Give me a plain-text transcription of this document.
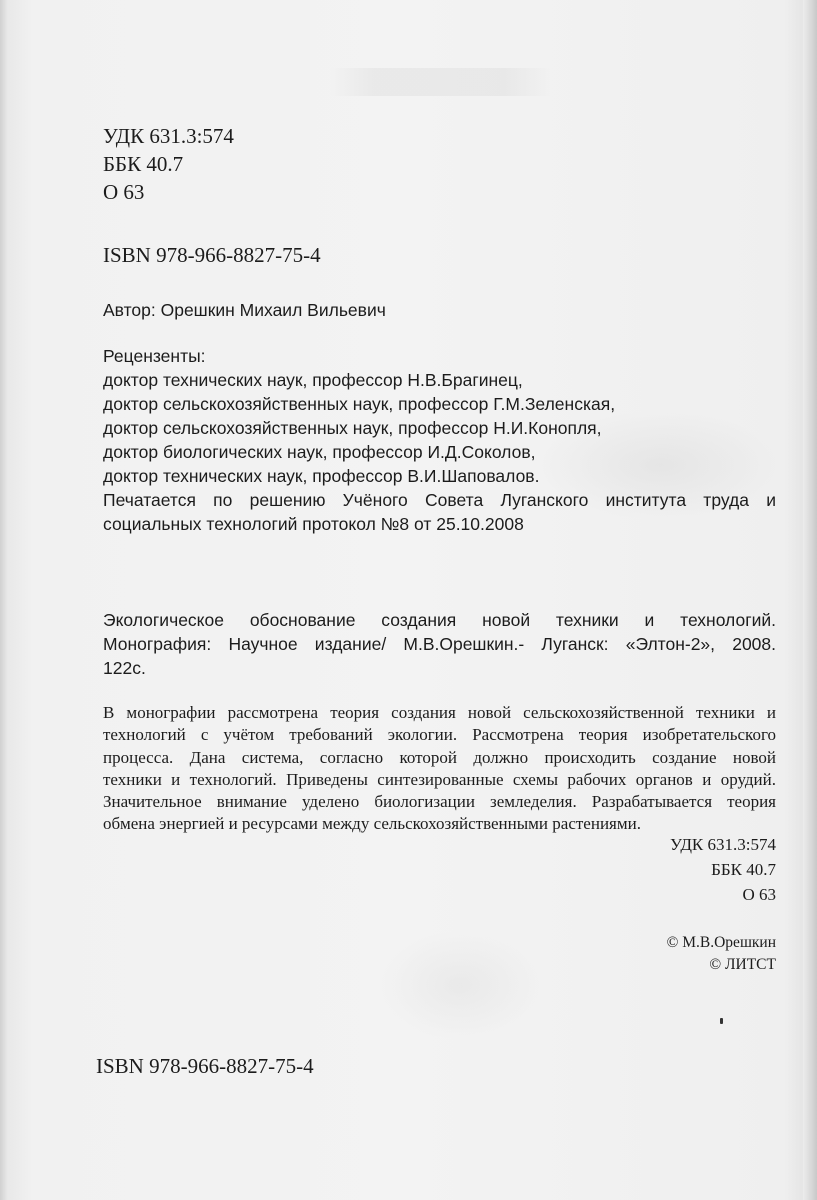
УДК 631.3:574
ББК 40.7
О 63
ISBN 978-966-8827-75-4
Автор: Орешкин Михаил Вильевич
Рецензенты:
доктор технических наук, профессор Н.В.Брагинец,
доктор сельскохозяйственных наук, профессор Г.М.Зеленская,
доктор сельскохозяйственных наук, профессор Н.И.Конопля,
доктор биологических наук, профессор И.Д.Соколов,
доктор технических наук, профессор В.И.Шаповалов.
Печатается по решению Учёного Совета Луганского института труда и
социальных технологий протокол №8 от 25.10.2008
Экологическое обоснование создания новой техники и технологий.
Монография: Научное издание/ М.В.Орешкин.- Луганск: «Элтон-2», 2008.
122с.
В монографии рассмотрена теория создания новой сельскохозяйственной техники и
технологий с учётом требований экологии. Рассмотрена теория изобретательского
процесса. Дана система, согласно которой должно происходить создание новой
техники и технологий. Приведены синтезированные схемы рабочих органов и орудий.
Значительное внимание уделено биологизации земледелия. Разрабатывается теория
обмена энергией и ресурсами между сельскохозяйственными растениями.
УДК 631.3:574
ББК 40.7
О 63
© М.В.Орешкин
© ЛИТСТ
ISBN 978-966-8827-75-4
